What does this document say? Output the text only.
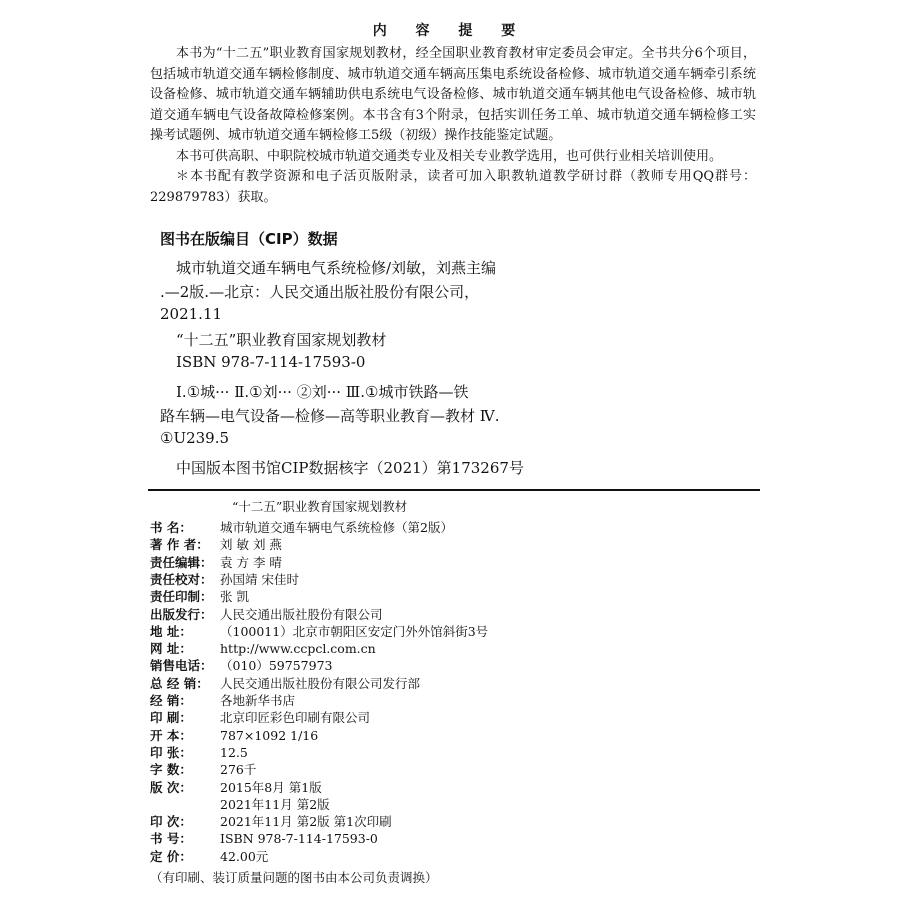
内 容 提 要

本书为“十二五”职业教育国家规划教材，经全国职业教育教材审定委员会审定。全书共分6个项目，包括城市轨道交通车辆检修制度、城市轨道交通车辆高压集电系统设备检修、城市轨道交通车辆牵引系统设备检修、城市轨道交通车辆辅助供电系统电气设备检修、城市轨道交通车辆其他电气设备检修、城市轨道交通车辆电气设备故障检修案例。本书含有3个附录，包括实训任务工单、城市轨道交通车辆检修工实操考试题例、城市轨道交通车辆检修工5级（初级）操作技能鉴定试题。

本书可供高职、中职院校城市轨道交通类专业及相关专业教学选用，也可供行业相关培训使用。

＊本书配有教学资源和电子活页版附录，读者可加入职教轨道教学研讨群（教师专用QQ群号：229879783）获取。

图书在版编目（CIP）数据
城市轨道交通车辆电气系统检修/刘敏，刘燕主编
.—2版.—北京：人民交通出版社股份有限公司，
2021.11
“十二五”职业教育国家规划教材
ISBN 978-7-114-17593-0
Ⅰ.①城··· Ⅱ.①刘··· ②刘··· Ⅲ.①城市铁路—铁
路车辆—电气设备—检修—高等职业教育—教材 Ⅳ.
①U239.5
中国版本图书馆CIP数据核字（2021）第173267号
“十二五”职业教育国家规划教材
书 名： 城市轨道交通车辆电气系统检修（第2版）
著 作 者： 刘 敏 刘 燕
责任编辑： 袁 方 李 晴
责任校对： 孙国靖 宋佳时
责任印制： 张 凯
出版发行： 人民交通出版社股份有限公司
地 址： （100011）北京市朝阳区安定门外外馆斜街3号
网 址： http://www.ccpcl.com.cn
销售电话： （010）59757973
总 经 销： 人民交通出版社股份有限公司发行部
经 销： 各地新华书店
印 刷： 北京印匠彩色印刷有限公司
开 本： 787×1092 1/16
印 张： 12.5
字 数： 276千
版 次： 2015年8月 第1版
2021年11月 第2版
印 次： 2021年11月 第2版 第1次印刷
书 号： ISBN 978-7-114-17593-0
定 价： 42.00元
（有印刷、装订质量问题的图书由本公司负责调换）
